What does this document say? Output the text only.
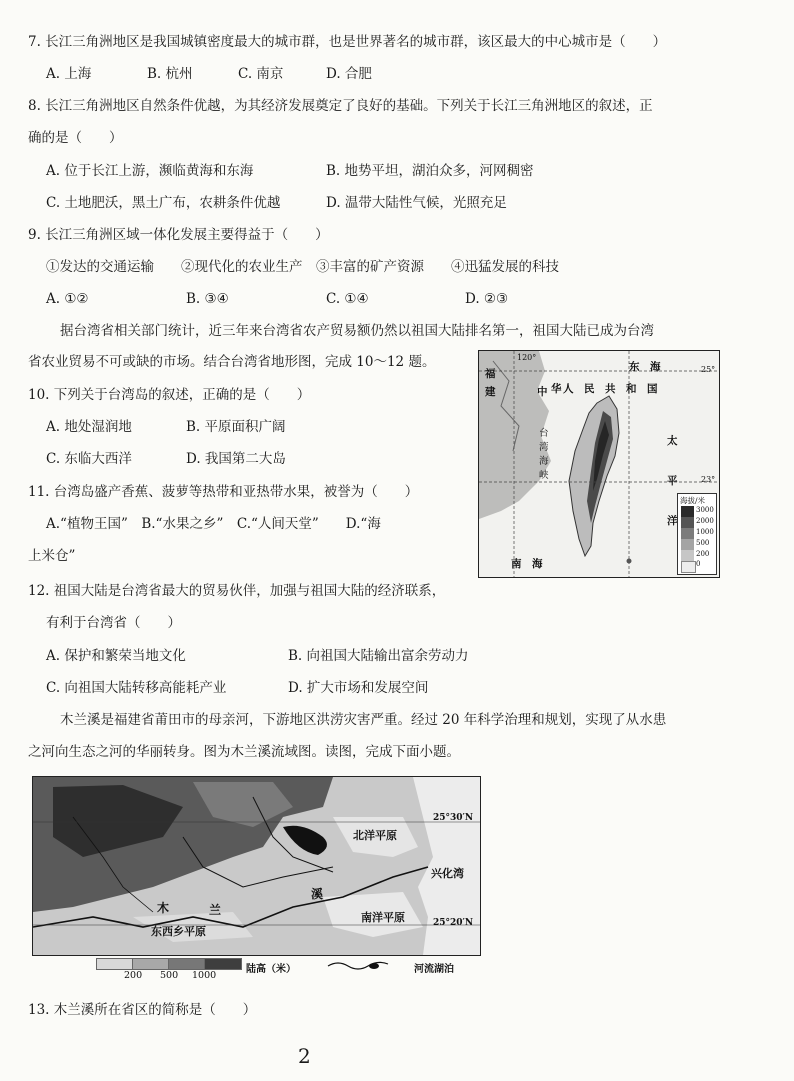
7. 长江三角洲地区是我国城镇密度最大的城市群，也是世界著名的城市群，该区最大的中心城市是（　　）
A. 上海	B. 杭州	C. 南京	D. 合肥
8. 长江三角洲地区自然条件优越，为其经济发展奠定了良好的基础。下列关于长江三角洲地区的叙述，正
确的是（　　）
A. 位于长江上游，濒临黄海和东海	B. 地势平坦，湖泊众多，河网稠密
C. 土地肥沃，黑土广布，农耕条件优越	D. 温带大陆性气候，光照充足
9. 长江三角洲区域一体化发展主要得益于（　　）
①发达的交通运输　　②现代化的农业生产　③丰富的矿产资源　　④迅猛发展的科技
A. ①②	B. ③④	C. ①④	D. ②③
据台湾省相关部门统计，近三年来台湾省农产贸易额仍然以祖国大陆排名第一，祖国大陆已成为台湾
省农业贸易不可或缺的市场。结合台湾省地形图，完成 10～12 题。
10. 下列关于台湾岛的叙述，正确的是（　　）
A. 地处湿润地	B. 平原面积广阔
C. 东临大西洋	D. 我国第二大岛
11. 台湾岛盛产香蕉、菠萝等热带和亚热带水果，被誉为（　　）
A.“植物王国”　B.“水果之乡”　C.“人间天堂”　　D.“海
上米仓”
福
建
东　海
中 华 人　民　共　和　国
台
湾
海
峡
太
平
洋
南　海
25°
23°
120°
海拔/米
3000
2000
1000
500
200
0
12. 祖国大陆是台湾省最大的贸易伙伴，加强与祖国大陆的经济联系，
有利于台湾省（　　）
A. 保护和繁荣当地文化	B. 向祖国大陆输出富余劳动力
C. 向祖国大陆转移高能耗产业	D. 扩大市场和发展空间
木兰溪是福建省莆田市的母亲河，下游地区洪涝灾害严重。经过 20 年科学治理和规划，实现了从水患
之河向生态之河的华丽转身。图为木兰溪流域图。读图，完成下面小题。
25°30′N
25°20′N
北洋平原
南洋平原
东西乡平原
兴化湾
木	兰
溪
200 500 1000
陆高（米）	河流湖泊
13. 木兰溪所在省区的简称是（　　）
2
